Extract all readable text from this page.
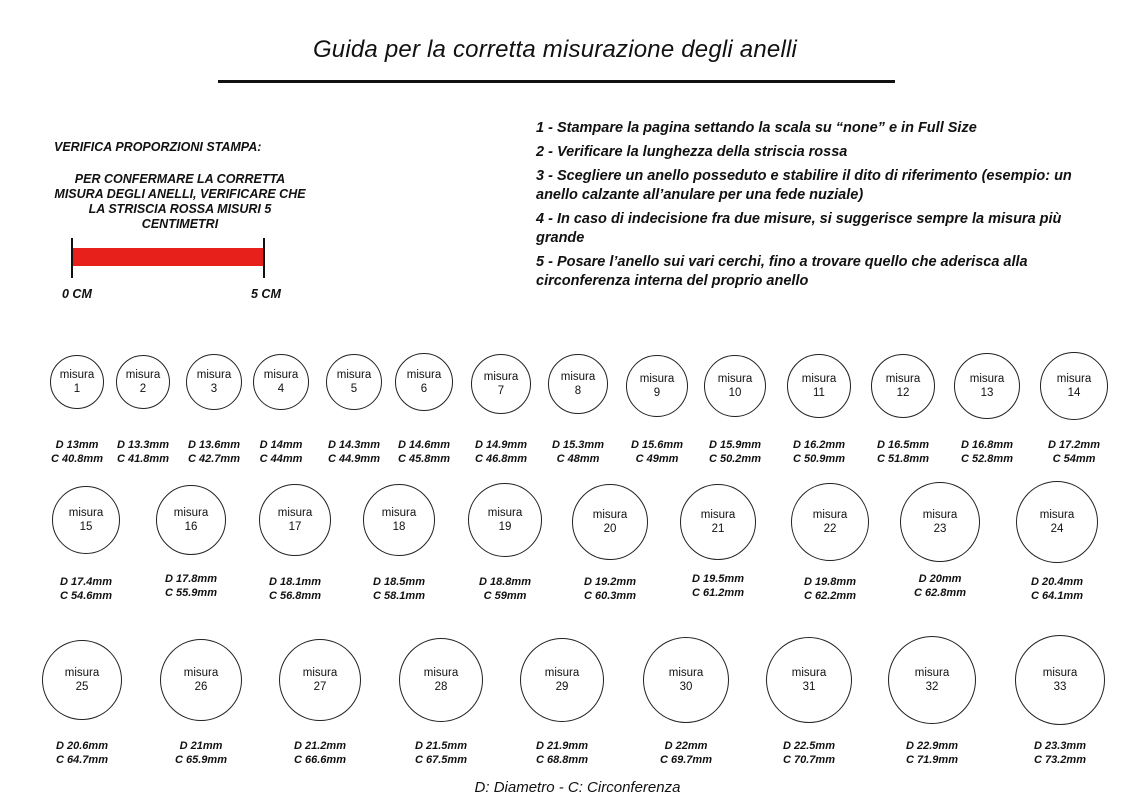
Guida per la corretta misurazione degli anelli

VERIFICA PROPORZIONI STAMPA:

PER CONFERMARE LA CORRETTA MISURA DEGLI ANELLI, VERIFICARE CHE LA STRISCIA ROSSA MISURI 5 CENTIMETRI

0 CM	5 CM
1 - Stampare la pagina settando la scala su “none” e in Full Size
2 - Verificare la lunghezza della striscia rossa
3 - Scegliere un anello posseduto e stabilire il dito di riferimento (esempio: un anello calzante all’anulare per una fede nuziale)
4 - In caso di indecisione fra due misure, si suggerisce sempre la misura più grande
5 - Posare l’anello sui vari cerchi, fino a trovare quello che aderisca alla circonferenza interna del proprio anello
misura
1
D 13mm
C 40.8mm
misura
2
D 13.3mm
C 41.8mm
misura
3
D 13.6mm
C 42.7mm
misura
4
D 14mm
C 44mm
misura
5
D 14.3mm
C 44.9mm
misura
6
D 14.6mm
C 45.8mm
misura
7
D 14.9mm
C 46.8mm
misura
8
D 15.3mm
C 48mm
misura
9
D 15.6mm
C 49mm
misura
10
D 15.9mm
C 50.2mm
misura
11
D 16.2mm
C 50.9mm
misura
12
D 16.5mm
C 51.8mm
misura
13
D 16.8mm
C 52.8mm
misura
14
D 17.2mm
C 54mm
misura
15
D 17.4mm
C 54.6mm
misura
16
D 17.8mm
C 55.9mm
misura
17
D 18.1mm
C 56.8mm
misura
18
D 18.5mm
C 58.1mm
misura
19
D 18.8mm
C 59mm
misura
20
D 19.2mm
C 60.3mm
misura
21
D 19.5mm
C 61.2mm
misura
22
D 19.8mm
C 62.2mm
misura
23
D 20mm
C 62.8mm
misura
24
D 20.4mm
C 64.1mm
misura
25
D 20.6mm
C 64.7mm
misura
26
D 21mm
C 65.9mm
misura
27
D 21.2mm
C 66.6mm
misura
28
D 21.5mm
C 67.5mm
misura
29
D 21.9mm
C 68.8mm
misura
30
D 22mm
C 69.7mm
misura
31
D 22.5mm
C 70.7mm
misura
32
D 22.9mm
C 71.9mm
misura
33
D 23.3mm
C 73.2mm

D: Diametro - C: Circonferenza
